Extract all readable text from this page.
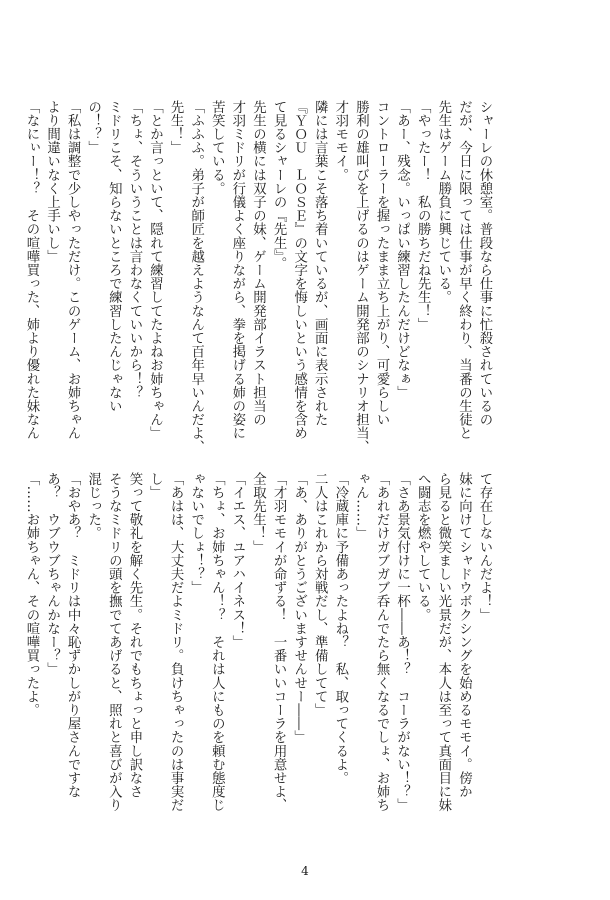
シャーレの休憩室。普段なら仕事に忙殺されているの
だが、今日に限っては仕事が早く終わり、当番の生徒と
先生はゲーム勝負に興じている。
「やったー！　私の勝ちだね先生！」
「あー、残念。いっぱい練習したんだけどなぁ」
コントローラーを握ったまま立ち上がり、可愛らしい
勝利の雄叫びを上げるのはゲーム開発部のシナリオ担当、
才羽モモイ。
隣には言葉こそ落ち着いているが、画面に表示された
『ＹＯＵ　ＬＯＳＥ』の文字を悔しいという感情を含め
て見るシャーレの『先生』。
先生の横には双子の妹、ゲーム開発部イラスト担当の
才羽ミドリが行儀よく座りながら、拳を掲げる姉の姿に
苦笑している。
「ふふふ。弟子が師匠を越えようなんて百年早いんだよ、
先生！」
「とか言っといて、隠れて練習してたよねお姉ちゃん」
「ちょ、そういうことは言わなくていいから！？
ミドリこそ、知らないところで練習したんじゃない
の！？」
「私は調整で少しやっただけ。このゲーム、お姉ちゃん
より間違いなく上手いし」
「なにぃー！？　その喧嘩買った、姉より優れた妹なん
て存在しないんだよ！」
妹に向けてシャドウボクシングを始めるモモイ。傍か
ら見ると微笑ましい光景だが、本人は至って真面目に妹
へ闘志を燃やしている。
「さあ景気付けに一杯――あ！？　コーラがない！？」
「あれだけガブガブ呑んでたら無くなるでしょ、お姉ち
ゃん……」
「冷蔵庫に予備あったよね？　私、取ってくるよ。
二人はこれから対戦だし、準備してて」
「あ、ありがとうございますせんせー――」
「才羽モモイが命ずる！　一番いいコーラを用意せよ、
全取先生！」
「イエス、ユアハイネス！」
「ちょ、お姉ちゃん！？　それは人にものを頼む態度じ
ゃないでしょ！？」
「あはは、大丈夫だよミドリ。負けちゃったのは事実だ
し」
笑って敬礼を解く先生。それでもちょっと申し訳なさ
そうなミドリの頭を撫でてあげると、照れと喜びが入り
混じった。
「おやあ？　ミドリは中々恥ずかしがり屋さんですな
あ？　ウブウブちゃんかなー？」
「……お姉ちゃん、その喧嘩買ったよ。
4
